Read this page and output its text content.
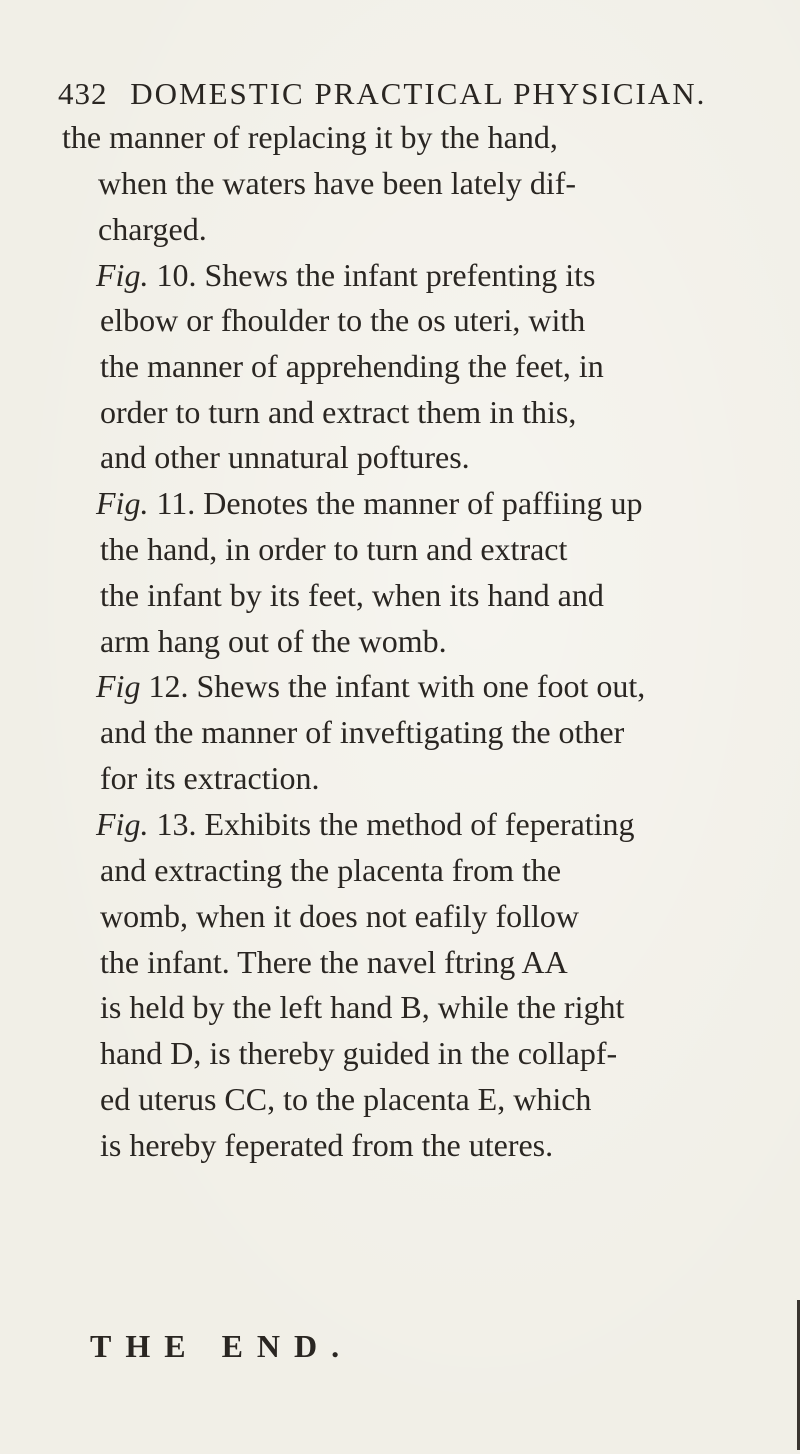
432 DOMESTIC PRACTICAL PHYSICIAN.
the manner of replacing it by the hand,
when the waters have been lately dif-
charged.
Fig. 10. Shews the infant prefenting its
elbow or fhoulder to the os uteri, with
the manner of apprehending the feet, in
order to turn and extract them in this,
and other unnatural poftures.
Fig. 11. Denotes the manner of paffiing up
the hand, in order to turn and extract
the infant by its feet, when its hand and
arm hang out of the womb.
Fig 12. Shews the infant with one foot out,
and the manner of inveftigating the other
for its extraction.
Fig. 13. Exhibits the method of feperating
and extracting the placenta from the
womb, when it does not eafily follow
the infant. There the navel ftring AA
is held by the left hand B, while the right
hand D, is thereby guided in the collapf-
ed uterus CC, to the placenta E, which
is hereby feperated from the uteres.
THE END.
